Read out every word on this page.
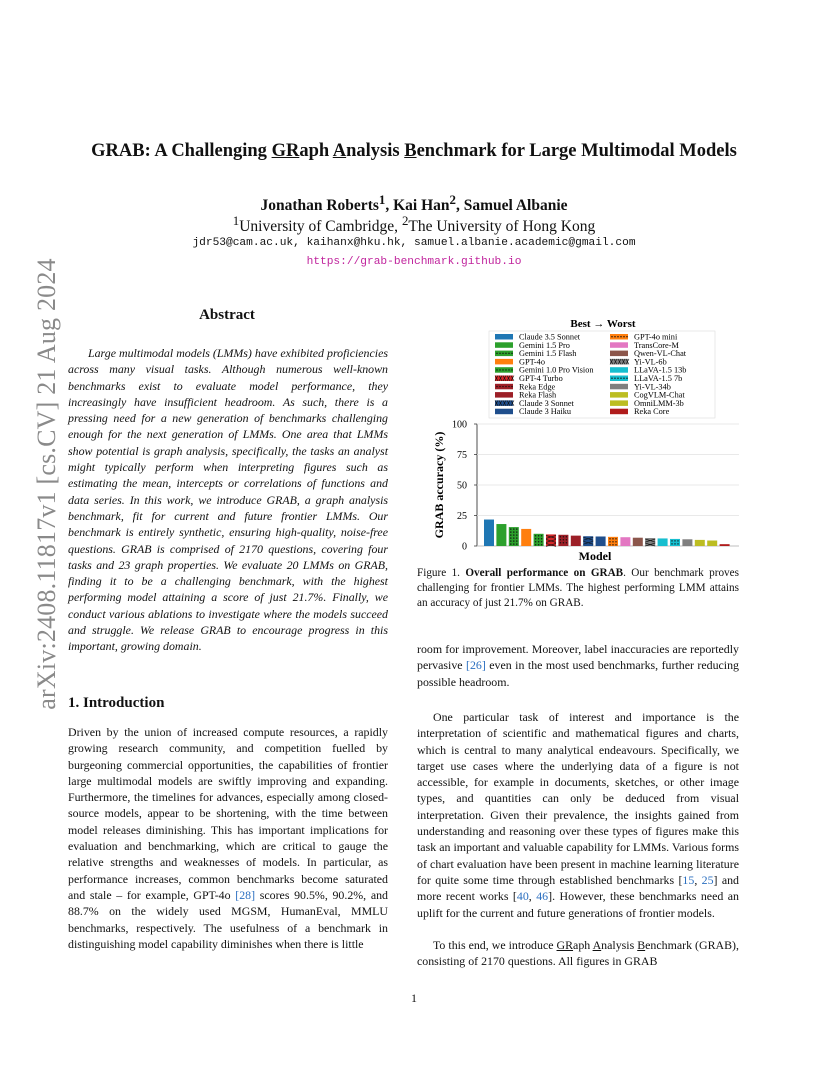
arXiv:2408.11817v1 [cs.CV] 21 Aug 2024
GRAB: A Challenging GRaph Analysis Benchmark for Large Multimodal Models
Jonathan Roberts$^1$, Kai Han$^2$, Samuel Albanie
$^1$University of Cambridge, $^2$The University of Hong Kong
jdr53@cam.ac.uk, kaihanx@hku.hk, samuel.albanie.academic@gmail.com
https://grab-benchmark.github.io
Abstract

Large multimodal models (LMMs) have exhibited proficiencies across many visual tasks. Although numerous well-known benchmarks exist to evaluate model performance, they increasingly have insufficient headroom. As such, there is a pressing need for a new generation of benchmarks challenging enough for the next generation of LMMs. One area that LMMs show potential is graph analysis, specifically, the tasks an analyst might typically perform when interpreting figures such as estimating the mean, intercepts or correlations of functions and data series. In this work, we introduce GRAB, a graph analysis benchmark, fit for current and future frontier LMMs. Our benchmark is entirely synthetic, ensuring high-quality, noise-free questions. GRAB is comprised of 2170 questions, covering four tasks and 23 graph properties. We evaluate 20 LMMs on GRAB, finding it to be a challenging benchmark, with the highest performing model attaining a score of just 21.7%. Finally, we conduct various ablations to investigate where the models succeed and struggle. We release GRAB to encourage progress in this important, growing domain.

1. Introduction

Driven by the union of increased compute resources, a rapidly growing research community, and competition fuelled by burgeoning commercial opportunities, the capabilities of frontier large multimodal models are swiftly improving and expanding. Furthermore, the timelines for advances, especially among closed-source models, appear to be shortening, with the time between model releases diminishing. This has important implications for evaluation and benchmarking, which are critical to gauge the relative strengths and weaknesses of models. In particular, as performance increases, common benchmarks become saturated and stale – for example, GPT-4o [28] scores 90.5%, 90.2%, and 88.7% on the widely used MGSM, HumanEval, MMLU benchmarks, respectively. The usefulness of a benchmark in distinguishing model capability diminishes when there is little

Best → Worst
Claude 3.5 Sonnet
Gemini 1.5 Pro
Gemini 1.5 Flash
GPT-4o
Gemini 1.0 Pro Vision
GPT-4 Turbo
Reka Edge
Reka Flash
Claude 3 Sonnet
Claude 3 Haiku
GPT-4o mini
TransCore-M
Qwen-VL-Chat
Yi-VL-6b
LLaVA-1.5 13b
LLaVA-1.5 7b
Yi-VL-34b
CogVLM-Chat
OmniLMM-3b
Reka Core
0
25
50
75
100
GRAB accuracy (%)
Model
Figure 1. Overall performance on GRAB. Our benchmark proves challenging for frontier LMMs. The highest performing LMM attains an accuracy of just 21.7% on GRAB.

room for improvement. Moreover, label inaccuracies are reportedly pervasive [26] even in the most used benchmarks, further reducing possible headroom.

One particular task of interest and importance is the interpretation of scientific and mathematical figures and charts, which is central to many analytical endeavours. Specifically, we target use cases where the underlying data of a figure is not accessible, for example in documents, sketches, or other image types, and quantities can only be deduced from visual interpretation. Given their prevalence, the insights gained from understanding and reasoning over these types of figures make this task an important and valuable capability for LMMs. Various forms of chart evaluation have been present in machine learning literature for quite some time through established benchmarks [15, 25] and more recent works [40, 46]. However, these benchmarks need an uplift for the current and future generations of frontier models.

To this end, we introduce GRaph Analysis Benchmark (GRAB), consisting of 2170 questions. All figures in GRAB

1
